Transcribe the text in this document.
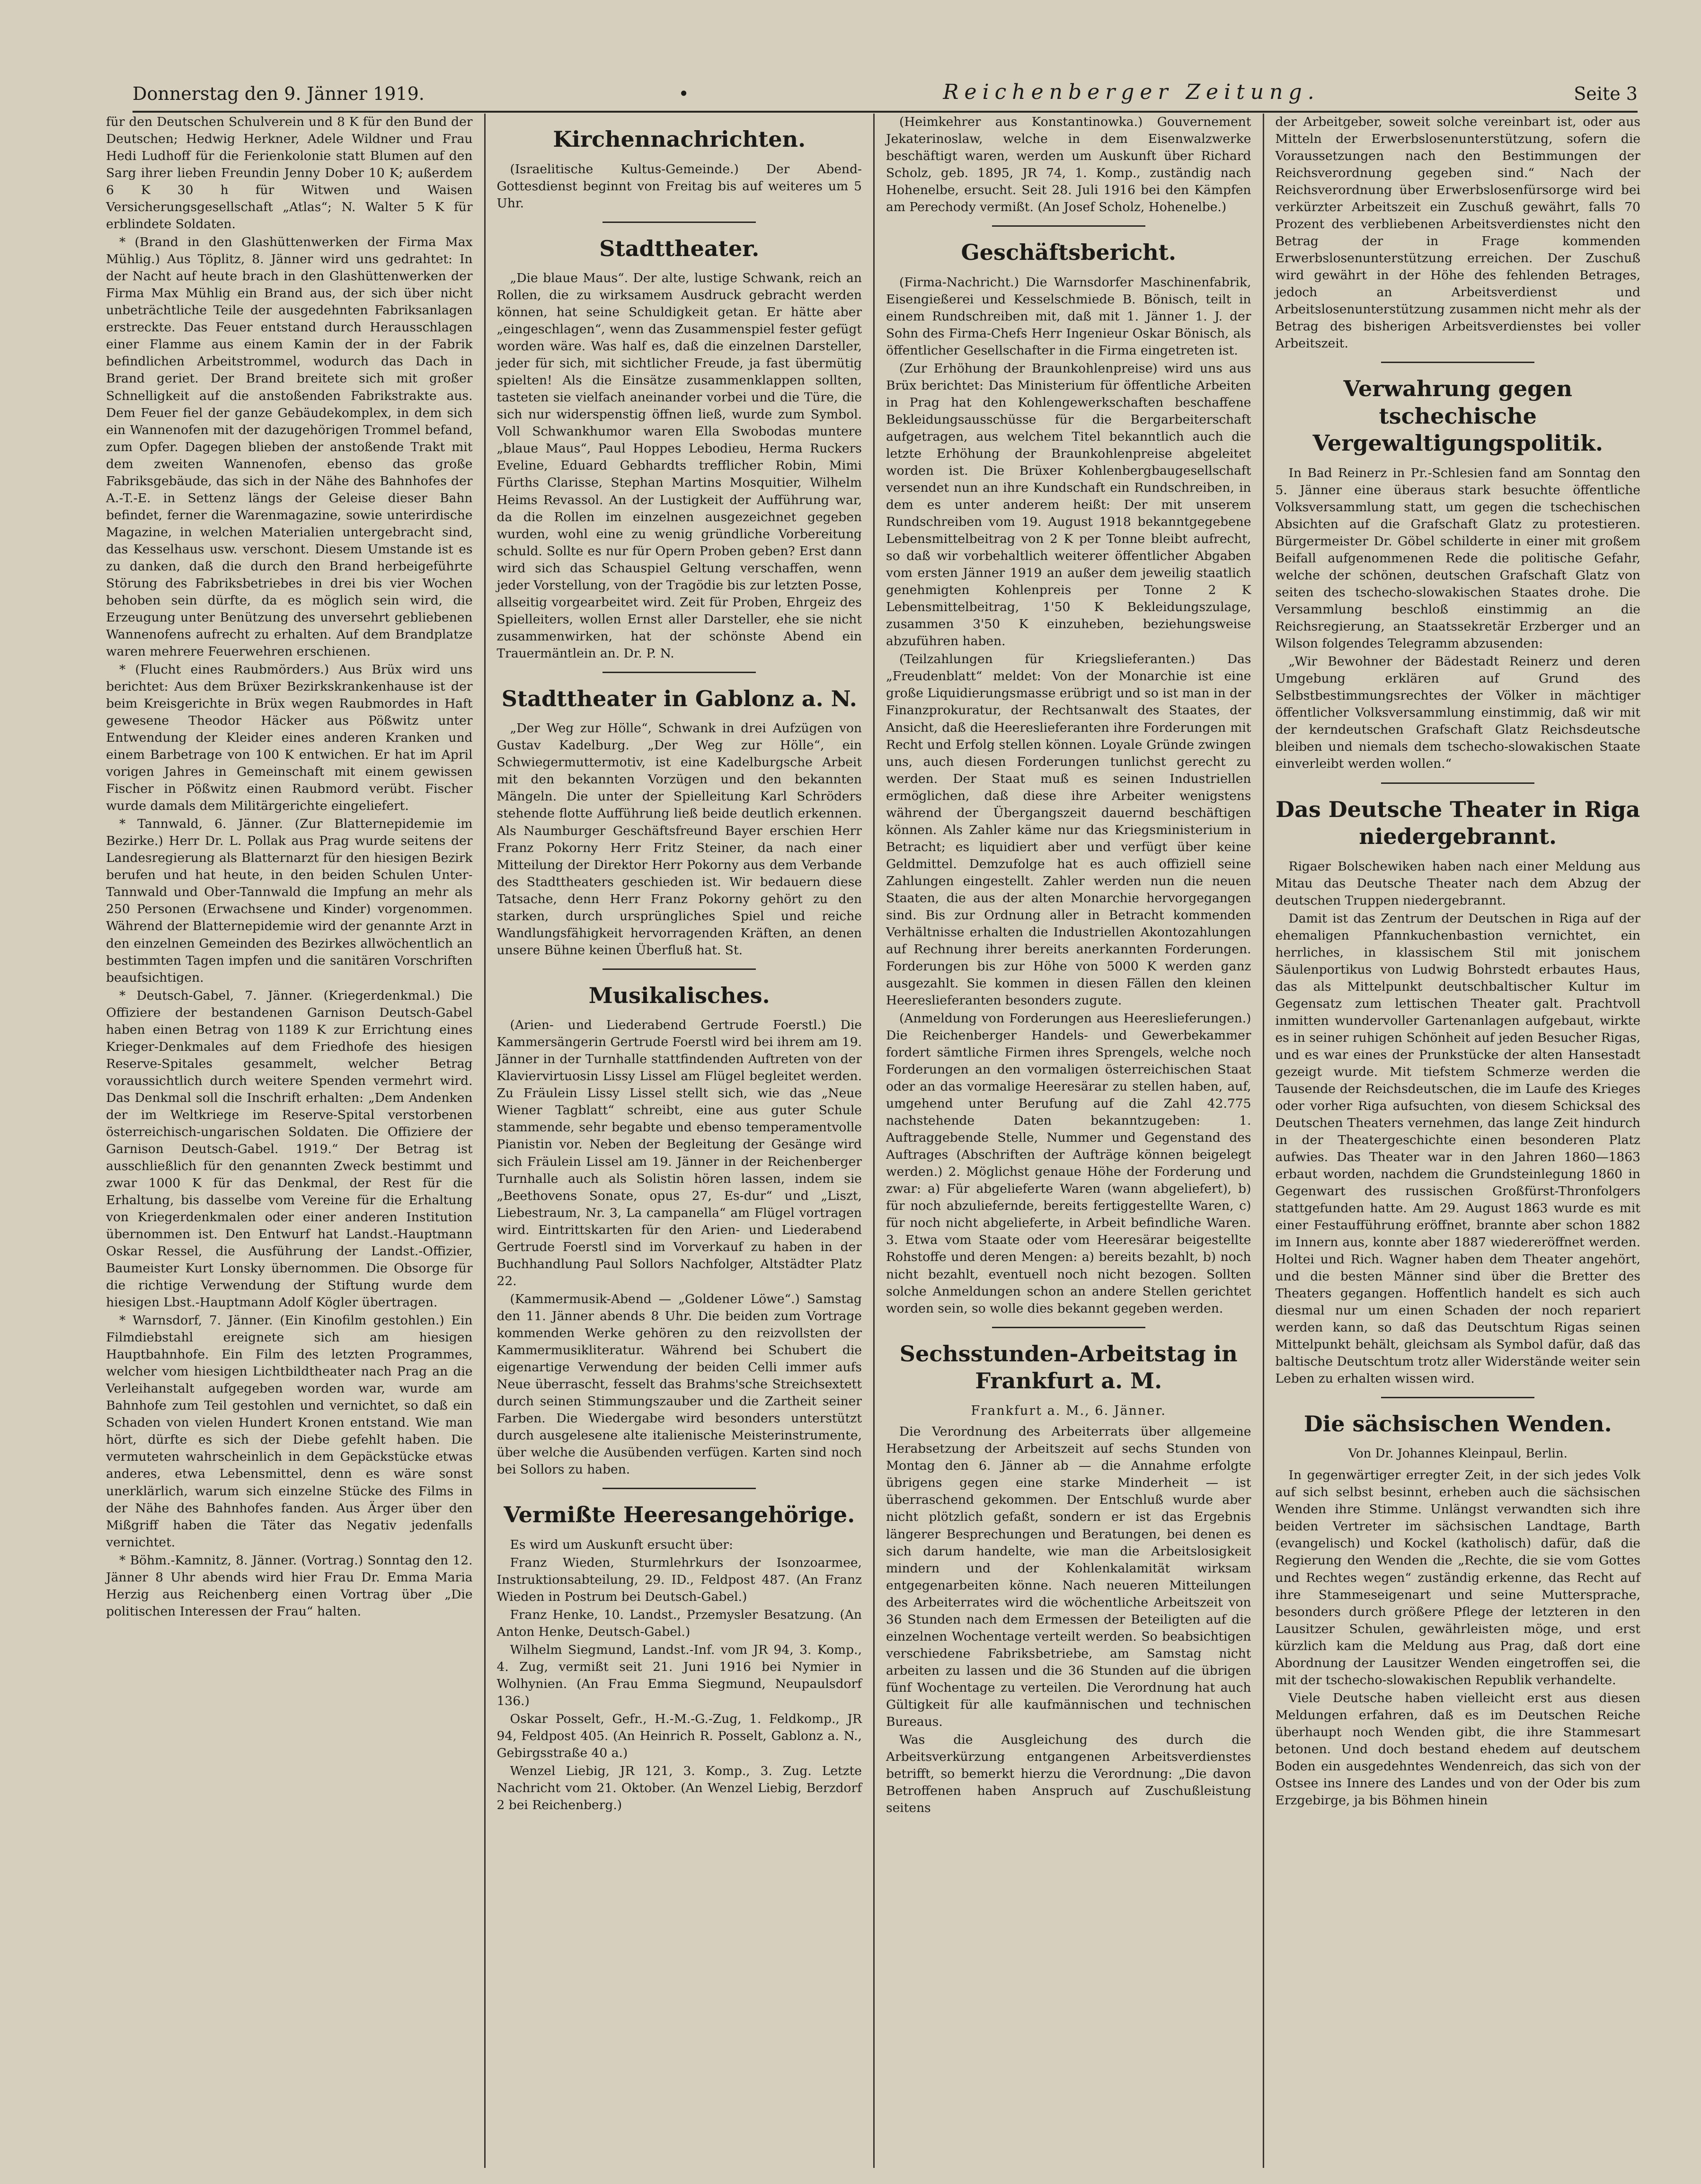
Donnerstag den 9. Jänner 1919.	•	Reichenberger Zeitung.	Seite 3

für den Deutschen Schulverein und 8 K für den Bund der Deutschen; Hedwig Herkner, Adele Wildner und Frau Hedi Ludhoff für die Ferienkolonie statt Blumen auf den Sarg ihrer lieben Freundin Jenny Dober 10 K; außerdem 6 K 30 h für Witwen und Waisen Versicherungsgesellschaft „Atlas“; N. Walter 5 K für erblindete Soldaten.

* (Brand in den Glashüttenwerken der Firma Max Mühlig.) Aus Töplitz, 8. Jänner wird uns gedrahtet: In der Nacht auf heute brach in den Glashüttenwerken der Firma Max Mühlig ein Brand aus, der sich über nicht unbeträchtliche Teile der ausgedehnten Fabriksanlagen erstreckte. Das Feuer entstand durch Herausschlagen einer Flamme aus einem Kamin der in der Fabrik befindlichen Arbeitstrommel, wodurch das Dach in Brand geriet. Der Brand breitete sich mit großer Schnelligkeit auf die anstoßenden Fabrikstrakte aus. Dem Feuer fiel der ganze Gebäudekomplex, in dem sich ein Wannenofen mit der dazugehörigen Trommel befand, zum Opfer. Dagegen blieben der anstoßende Trakt mit dem zweiten Wannenofen, ebenso das große Fabriksgebäude, das sich in der Nähe des Bahnhofes der A.-T.-E. in Settenz längs der Geleise dieser Bahn befindet, ferner die Warenmagazine, sowie unterirdische Magazine, in welchen Materialien untergebracht sind, das Kesselhaus usw. verschont. Diesem Umstande ist es zu danken, daß die durch den Brand herbeigeführte Störung des Fabriksbetriebes in drei bis vier Wochen behoben sein dürfte, da es möglich sein wird, die Erzeugung unter Benützung des unversehrt gebliebenen Wannenofens aufrecht zu erhalten. Auf dem Brandplatze waren mehrere Feuerwehren erschienen.

* (Flucht eines Raubmörders.) Aus Brüx wird uns berichtet: Aus dem Brüxer Bezirkskrankenhause ist der beim Kreisgerichte in Brüx wegen Raubmordes in Haft gewesene Theodor Häcker aus Pößwitz unter Entwendung der Kleider eines anderen Kranken und einem Barbetrage von 100 K entwichen. Er hat im April vorigen Jahres in Gemeinschaft mit einem gewissen Fischer in Pößwitz einen Raubmord verübt. Fischer wurde damals dem Militärgerichte eingeliefert.

* Tannwald, 6. Jänner. (Zur Blatternepidemie im Bezirke.) Herr Dr. L. Pollak aus Prag wurde seitens der Landesregierung als Blatternarzt für den hiesigen Bezirk berufen und hat heute, in den beiden Schulen Unter-Tannwald und Ober-Tannwald die Impfung an mehr als 250 Personen (Erwachsene und Kinder) vorgenommen. Während der Blatternepidemie wird der genannte Arzt in den einzelnen Gemeinden des Bezirkes allwöchentlich an bestimmten Tagen impfen und die sanitären Vorschriften beaufsichtigen.

* Deutsch-Gabel, 7. Jänner. (Kriegerdenkmal.) Die Offiziere der bestandenen Garnison Deutsch-Gabel haben einen Betrag von 1189 K zur Errichtung eines Krieger-Denkmales auf dem Friedhofe des hiesigen Reserve-Spitales gesammelt, welcher Betrag voraussichtlich durch weitere Spenden vermehrt wird. Das Denkmal soll die Inschrift erhalten: „Dem Andenken der im Weltkriege im Reserve-Spital verstorbenen österreichisch-ungarischen Soldaten. Die Offiziere der Garnison Deutsch-Gabel. 1919.“ Der Betrag ist ausschließlich für den genannten Zweck bestimmt und zwar 1000 K für das Denkmal, der Rest für die Erhaltung, bis dasselbe vom Vereine für die Erhaltung von Kriegerdenkmalen oder einer anderen Institution übernommen ist. Den Entwurf hat Landst.-Hauptmann Oskar Ressel, die Ausführung der Landst.-Offizier, Baumeister Kurt Lonsky übernommen. Die Obsorge für die richtige Verwendung der Stiftung wurde dem hiesigen Lbst.-Hauptmann Adolf Kögler übertragen.

* Warnsdorf, 7. Jänner. (Ein Kinofilm gestohlen.) Ein Filmdiebstahl ereignete sich am hiesigen Hauptbahnhofe. Ein Film des letzten Programmes, welcher vom hiesigen Lichtbildtheater nach Prag an die Verleihanstalt aufgegeben worden war, wurde am Bahnhofe zum Teil gestohlen und vernichtet, so daß ein Schaden von vielen Hundert Kronen entstand. Wie man hört, dürfte es sich der Diebe gefehlt haben. Die vermuteten wahrscheinlich in dem Gepäckstücke etwas anderes, etwa Lebensmittel, denn es wäre sonst unerklärlich, warum sich einzelne Stücke des Films in der Nähe des Bahnhofes fanden. Aus Ärger über den Mißgriff haben die Täter das Negativ jedenfalls vernichtet.

* Böhm.-Kamnitz, 8. Jänner. (Vortrag.) Sonntag den 12. Jänner 8 Uhr abends wird hier Frau Dr. Emma Maria Herzig aus Reichenberg einen Vortrag über „Die politischen Interessen der Frau“ halten.

Kirchennachrichten.

(Israelitische Kultus-Gemeinde.) Der Abend-Gottesdienst beginnt von Freitag bis auf weiteres um 5 Uhr.

Stadttheater.

„Die blaue Maus“. Der alte, lustige Schwank, reich an Rollen, die zu wirksamem Ausdruck gebracht werden können, hat seine Schuldigkeit getan. Er hätte aber „eingeschlagen“, wenn das Zusammenspiel fester gefügt worden wäre. Was half es, daß die einzelnen Darsteller, jeder für sich, mit sichtlicher Freude, ja fast übermütig spielten! Als die Einsätze zusammenklappen sollten, tasteten sie vielfach aneinander vorbei und die Türe, die sich nur widerspenstig öffnen ließ, wurde zum Symbol. Voll Schwankhumor waren Ella Swobodas muntere „blaue Maus“, Paul Hoppes Lebodieu, Herma Ruckers Eveline, Eduard Gebhardts trefflicher Robin, Mimi Fürths Clarisse, Stephan Martins Mosquitier, Wilhelm Heims Revassol. An der Lustigkeit der Aufführung war, da die Rollen im einzelnen ausgezeichnet gegeben wurden, wohl eine zu wenig gründliche Vorbereitung schuld. Sollte es nur für Opern Proben geben? Erst dann wird sich das Schauspiel Geltung verschaffen, wenn jeder Vorstellung, von der Tragödie bis zur letzten Posse, allseitig vorgearbeitet wird. Zeit für Proben, Ehrgeiz des Spielleiters, wollen Ernst aller Darsteller, ehe sie nicht zusammenwirken, hat der schönste Abend ein Trauermäntlein an. Dr. P. N.

Stadttheater in Gablonz a. N.

„Der Weg zur Hölle“, Schwank in drei Aufzügen von Gustav Kadelburg. „Der Weg zur Hölle“, ein Schwiegermuttermotiv, ist eine Kadelburgsche Arbeit mit den bekannten Vorzügen und den bekannten Mängeln. Die unter der Spielleitung Karl Schröders stehende flotte Aufführung ließ beide deutlich erkennen. Als Naumburger Geschäftsfreund Bayer erschien Herr Franz Pokorny Herr Fritz Steiner, da nach einer Mitteilung der Direktor Herr Pokorny aus dem Verbande des Stadttheaters geschieden ist. Wir bedauern diese Tatsache, denn Herr Franz Pokorny gehört zu den starken, durch ursprüngliches Spiel und reiche Wandlungsfähigkeit hervorragenden Kräften, an denen unsere Bühne keinen Überfluß hat. St.

Musikalisches.

(Arien- und Liederabend Gertrude Foerstl.) Die Kammersängerin Gertrude Foerstl wird bei ihrem am 19. Jänner in der Turnhalle stattfindenden Auftreten von der Klaviervirtuosin Lissy Lissel am Flügel begleitet werden. Zu Fräulein Lissy Lissel stellt sich, wie das „Neue Wiener Tagblatt“ schreibt, eine aus guter Schule stammende, sehr begabte und ebenso temperamentvolle Pianistin vor. Neben der Begleitung der Gesänge wird sich Fräulein Lissel am 19. Jänner in der Reichenberger Turnhalle auch als Solistin hören lassen, indem sie „Beethovens Sonate, opus 27, Es-dur“ und „Liszt, Liebestraum, Nr. 3, La campanella“ am Flügel vortragen wird. Eintrittskarten für den Arien- und Liederabend Gertrude Foerstl sind im Vorverkauf zu haben in der Buchhandlung Paul Sollors Nachfolger, Altstädter Platz 22.

(Kammermusik-Abend — „Goldener Löwe“.) Samstag den 11. Jänner abends 8 Uhr. Die beiden zum Vortrage kommenden Werke gehören zu den reizvollsten der Kammermusikliteratur. Während bei Schubert die eigenartige Verwendung der beiden Celli immer aufs Neue überrascht, fesselt das Brahms'sche Streichsextett durch seinen Stimmungszauber und die Zartheit seiner Farben. Die Wiedergabe wird besonders unterstützt durch ausgelesene alte italienische Meisterinstrumente, über welche die Ausübenden verfügen. Karten sind noch bei Sollors zu haben.

Vermißte Heeresangehörige.

Es wird um Auskunft ersucht über:

Franz Wieden, Sturmlehrkurs der Isonzoarmee, Instruktionsabteilung, 29. ID., Feldpost 487. (An Franz Wieden in Postrum bei Deutsch-Gabel.)

Franz Henke, 10. Landst., Przemysler Besatzung. (An Anton Henke, Deutsch-Gabel.)

Wilhelm Siegmund, Landst.-Inf. vom JR 94, 3. Komp., 4. Zug, vermißt seit 21. Juni 1916 bei Nymier in Wolhynien. (An Frau Emma Siegmund, Neupaulsdorf 136.)

Oskar Posselt, Gefr., H.-M.-G.-Zug, 1. Feldkomp., JR 94, Feldpost 405. (An Heinrich R. Posselt, Gablonz a. N., Gebirgsstraße 40 a.)

Wenzel Liebig, JR 121, 3. Komp., 3. Zug. Letzte Nachricht vom 21. Oktober. (An Wenzel Liebig, Berzdorf 2 bei Reichenberg.)

(Heimkehrer aus Konstantinowka.) Gouvernement Jekaterinoslaw, welche in dem Eisenwalzwerke beschäftigt waren, werden um Auskunft über Richard Scholz, geb. 1895, JR 74, 1. Komp., zuständig nach Hohenelbe, ersucht. Seit 28. Juli 1916 bei den Kämpfen am Perechody vermißt. (An Josef Scholz, Hohenelbe.)

Geschäftsbericht.

(Firma-Nachricht.) Die Warnsdorfer Maschinenfabrik, Eisengießerei und Kesselschmiede B. Bönisch, teilt in einem Rundschreiben mit, daß mit 1. Jänner 1. J. der Sohn des Firma-Chefs Herr Ingenieur Oskar Bönisch, als öffentlicher Gesellschafter in die Firma eingetreten ist.

(Zur Erhöhung der Braunkohlenpreise) wird uns aus Brüx berichtet: Das Ministerium für öffentliche Arbeiten in Prag hat den Kohlengewerkschaften beschaffene Bekleidungsausschüsse für die Bergarbeiterschaft aufgetragen, aus welchem Titel bekanntlich auch die letzte Erhöhung der Braunkohlenpreise abgeleitet worden ist. Die Brüxer Kohlenbergbaugesellschaft versendet nun an ihre Kundschaft ein Rundschreiben, in dem es unter anderem heißt: Der mit unserem Rundschreiben vom 19. August 1918 bekanntgegebene Lebensmittelbeitrag von 2 K per Tonne bleibt aufrecht, so daß wir vorbehaltlich weiterer öffentlicher Abgaben vom ersten Jänner 1919 an außer dem jeweilig staatlich genehmigten Kohlenpreis per Tonne 2 K Lebensmittelbeitrag, 1'50 K Bekleidungszulage, zusammen 3'50 K einzuheben, beziehungsweise abzuführen haben.

(Teilzahlungen für Kriegslieferanten.) Das „Freudenblatt“ meldet: Von der Monarchie ist eine große Liquidierungsmasse erübrigt und so ist man in der Finanzprokuratur, der Rechtsanwalt des Staates, der Ansicht, daß die Heereslieferanten ihre Forderungen mit Recht und Erfolg stellen können. Loyale Gründe zwingen uns, auch diesen Forderungen tunlichst gerecht zu werden. Der Staat muß es seinen Industriellen ermöglichen, daß diese ihre Arbeiter wenigstens während der Übergangszeit dauernd beschäftigen können. Als Zahler käme nur das Kriegsministerium in Betracht; es liquidiert aber und verfügt über keine Geldmittel. Demzufolge hat es auch offiziell seine Zahlungen eingestellt. Zahler werden nun die neuen Staaten, die aus der alten Monarchie hervorgegangen sind. Bis zur Ordnung aller in Betracht kommenden Verhältnisse erhalten die Industriellen Akontozahlungen auf Rechnung ihrer bereits anerkannten Forderungen. Forderungen bis zur Höhe von 5000 K werden ganz ausgezahlt. Sie kommen in diesen Fällen den kleinen Heereslieferanten besonders zugute.

(Anmeldung von Forderungen aus Heereslieferungen.) Die Reichenberger Handels- und Gewerbekammer fordert sämtliche Firmen ihres Sprengels, welche noch Forderungen an den vormaligen österreichischen Staat oder an das vormalige Heeresärar zu stellen haben, auf, umgehend unter Berufung auf die Zahl 42.775 nachstehende Daten bekanntzugeben: 1. Auftraggebende Stelle, Nummer und Gegenstand des Auftrages (Abschriften der Aufträge können beigelegt werden.) 2. Möglichst genaue Höhe der Forderung und zwar: a) Für abgelieferte Waren (wann abgeliefert), b) für noch abzuliefernde, bereits fertiggestellte Waren, c) für noch nicht abgelieferte, in Arbeit befindliche Waren. 3. Etwa vom Staate oder vom Heeresärar beigestellte Rohstoffe und deren Mengen: a) bereits bezahlt, b) noch nicht bezahlt, eventuell noch nicht bezogen. Sollten solche Anmeldungen schon an andere Stellen gerichtet worden sein, so wolle dies bekannt gegeben werden.

Sechsstunden-Arbeitstag in Frankfurt a. M.
Frankfurt a. M., 6. Jänner.

Die Verordnung des Arbeiterrats über allgemeine Herabsetzung der Arbeitszeit auf sechs Stunden von Montag den 6. Jänner ab — die Annahme erfolgte übrigens gegen eine starke Minderheit — ist überraschend gekommen. Der Entschluß wurde aber nicht plötzlich gefaßt, sondern er ist das Ergebnis längerer Besprechungen und Beratungen, bei denen es sich darum handelte, wie man die Arbeitslosigkeit mindern und der Kohlenkalamität wirksam entgegenarbeiten könne. Nach neueren Mitteilungen des Arbeiterrates wird die wöchentliche Arbeitszeit von 36 Stunden nach dem Ermessen der Beteiligten auf die einzelnen Wochentage verteilt werden. So beabsichtigen verschiedene Fabriksbetriebe, am Samstag nicht arbeiten zu lassen und die 36 Stunden auf die übrigen fünf Wochentage zu verteilen. Die Verordnung hat auch Gültigkeit für alle kaufmännischen und technischen Bureaus.

Was die Ausgleichung des durch die Arbeitsverkürzung entgangenen Arbeitsverdienstes betrifft, so bemerkt hierzu die Verordnung: „Die davon Betroffenen haben Anspruch auf Zuschußleistung seitens

der Arbeitgeber, soweit solche vereinbart ist, oder aus Mitteln der Erwerbslosenunterstützung, sofern die Voraussetzungen nach den Bestimmungen der Reichsverordnung gegeben sind.“ Nach der Reichsverordnung über Erwerbslosenfürsorge wird bei verkürzter Arbeitszeit ein Zuschuß gewährt, falls 70 Prozent des verbliebenen Arbeitsverdienstes nicht den Betrag der in Frage kommenden Erwerbslosenunterstützung erreichen. Der Zuschuß wird gewährt in der Höhe des fehlenden Betrages, jedoch an Arbeitsverdienst und Arbeitslosenunterstützung zusammen nicht mehr als der Betrag des bisherigen Arbeitsverdienstes bei voller Arbeitszeit.

Verwahrung gegen tschechische Vergewaltigungspolitik.

In Bad Reinerz in Pr.-Schlesien fand am Sonntag den 5. Jänner eine überaus stark besuchte öffentliche Volksversammlung statt, um gegen die tschechischen Absichten auf die Grafschaft Glatz zu protestieren. Bürgermeister Dr. Göbel schilderte in einer mit großem Beifall aufgenommenen Rede die politische Gefahr, welche der schönen, deutschen Grafschaft Glatz von seiten des tschecho-slowakischen Staates drohe. Die Versammlung beschloß einstimmig an die Reichsregierung, an Staatssekretär Erzberger und an Wilson folgendes Telegramm abzusenden:

„Wir Bewohner der Bädestadt Reinerz und deren Umgebung erklären auf Grund des Selbstbestimmungsrechtes der Völker in mächtiger öffentlicher Volksversammlung einstimmig, daß wir mit der kerndeutschen Grafschaft Glatz Reichsdeutsche bleiben und niemals dem tschecho-slowakischen Staate einverleibt werden wollen.“

Das Deutsche Theater in Riga niedergebrannt.

Rigaer Bolschewiken haben nach einer Meldung aus Mitau das Deutsche Theater nach dem Abzug der deutschen Truppen niedergebrannt.

Damit ist das Zentrum der Deutschen in Riga auf der ehemaligen Pfannkuchenbastion vernichtet, ein herrliches, in klassischem Stil mit jonischem Säulenportikus von Ludwig Bohrstedt erbautes Haus, das als Mittelpunkt deutschbaltischer Kultur im Gegensatz zum lettischen Theater galt. Prachtvoll inmitten wundervoller Gartenanlagen aufgebaut, wirkte es in seiner ruhigen Schönheit auf jeden Besucher Rigas, und es war eines der Prunkstücke der alten Hansestadt gezeigt wurde. Mit tiefstem Schmerze werden die Tausende der Reichsdeutschen, die im Laufe des Krieges oder vorher Riga aufsuchten, von diesem Schicksal des Deutschen Theaters vernehmen, das lange Zeit hindurch in der Theatergeschichte einen besonderen Platz aufwies. Das Theater war in den Jahren 1860—1863 erbaut worden, nachdem die Grundsteinlegung 1860 in Gegenwart des russischen Großfürst-Thronfolgers stattgefunden hatte. Am 29. August 1863 wurde es mit einer Festaufführung eröffnet, brannte aber schon 1882 im Innern aus, konnte aber 1887 wiedereröffnet werden. Holtei und Rich. Wagner haben dem Theater angehört, und die besten Männer sind über die Bretter des Theaters gegangen. Hoffentlich handelt es sich auch diesmal nur um einen Schaden der noch repariert werden kann, so daß das Deutschtum Rigas seinen Mittelpunkt behält, gleichsam als Symbol dafür, daß das baltische Deutschtum trotz aller Widerstände weiter sein Leben zu erhalten wissen wird.

Die sächsischen Wenden.
Von Dr. Johannes Kleinpaul, Berlin.

In gegenwärtiger erregter Zeit, in der sich jedes Volk auf sich selbst besinnt, erheben auch die sächsischen Wenden ihre Stimme. Unlängst verwandten sich ihre beiden Vertreter im sächsischen Landtage, Barth (evangelisch) und Kockel (katholisch) dafür, daß die Regierung den Wenden die „Rechte, die sie vom Gottes und Rechtes wegen“ zuständig erkenne, das Recht auf ihre Stammeseigenart und seine Muttersprache, besonders durch größere Pflege der letzteren in den Lausitzer Schulen, gewährleisten möge, und erst kürzlich kam die Meldung aus Prag, daß dort eine Abordnung der Lausitzer Wenden eingetroffen sei, die mit der tschecho-slowakischen Republik verhandelte.

Viele Deutsche haben vielleicht erst aus diesen Meldungen erfahren, daß es im Deutschen Reiche überhaupt noch Wenden gibt, die ihre Stammesart betonen. Und doch bestand ehedem auf deutschem Boden ein ausgedehntes Wendenreich, das sich von der Ostsee ins Innere des Landes und von der Oder bis zum Erzgebirge, ja bis Böhmen hinein
